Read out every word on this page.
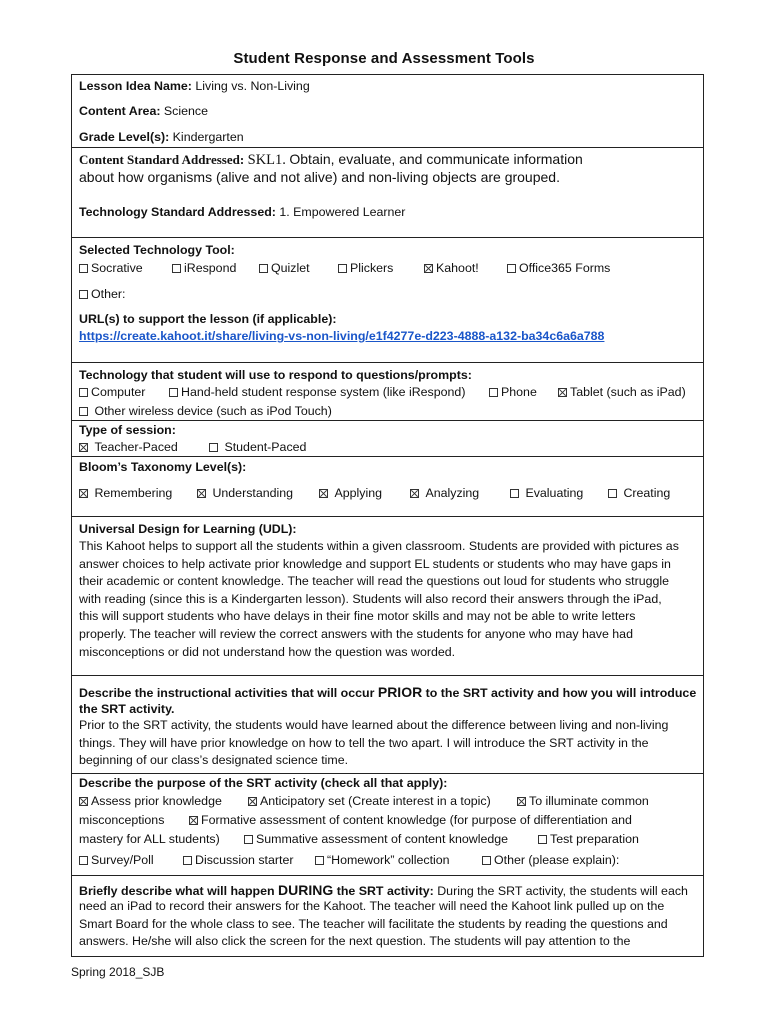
Student Response and Assessment Tools
Lesson Idea Name: Living vs. Non-Living
Content Area: Science
Grade Level(s): Kindergarten
Content Standard Addressed: SKL1. Obtain, evaluate, and communicate information
about how organisms (alive and not alive) and non-living objects are grouped.
Technology Standard Addressed: 1. Empowered Learner
Selected Technology Tool:
Socrative	iRespond	Quizlet	Plickers	Kahoot!	Office365 Forms
Other:
URL(s) to support the lesson (if applicable):
https://create.kahoot.it/share/living-vs-non-living/e1f4277e-d223-4888-a132-ba34c6a6a788
Technology that student will use to respond to questions/prompts:
Computer	Hand-held student response system (like iRespond)	Phone	Tablet (such as iPad)
Other wireless device (such as iPod Touch)
Type of session:
Teacher-Paced	Student-Paced
Bloom’s Taxonomy Level(s):
Remembering	Understanding	Applying	Analyzing	Evaluating	Creating
Universal Design for Learning (UDL):
This Kahoot helps to support all the students within a given classroom. Students are provided with pictures as
answer choices to help activate prior knowledge and support EL students or students who may have gaps in
their academic or content knowledge. The teacher will read the questions out loud for students who struggle
with reading (since this is a Kindergarten lesson). Students will also record their answers through the iPad,
this will support students who have delays in their fine motor skills and may not be able to write letters
properly. The teacher will review the correct answers with the students for anyone who may have had
misconceptions or did not understand how the question was worded.
Describe the instructional activities that will occur PRIOR to the SRT activity and how you will introduce
the SRT activity.
Prior to the SRT activity, the students would have learned about the difference between living and non-living
things. They will have prior knowledge on how to tell the two apart. I will introduce the SRT activity in the
beginning of our class’s designated science time.
Describe the purpose of the SRT activity (check all that apply):
Assess prior knowledge	Anticipatory set (Create interest in a topic)	To illuminate common
misconceptions	Formative assessment of content knowledge (for purpose of differentiation and
mastery for ALL students)	Summative assessment of content knowledge	Test preparation
Survey/Poll	Discussion starter	“Homework” collection	Other (please explain):
Briefly describe what will happen DURING the SRT activity: During the SRT activity, the students will each
need an iPad to record their answers for the Kahoot. The teacher will need the Kahoot link pulled up on the
Smart Board for the whole class to see. The teacher will facilitate the students by reading the questions and
answers. He/she will also click the screen for the next question. The students will pay attention to the
Spring 2018_SJB
